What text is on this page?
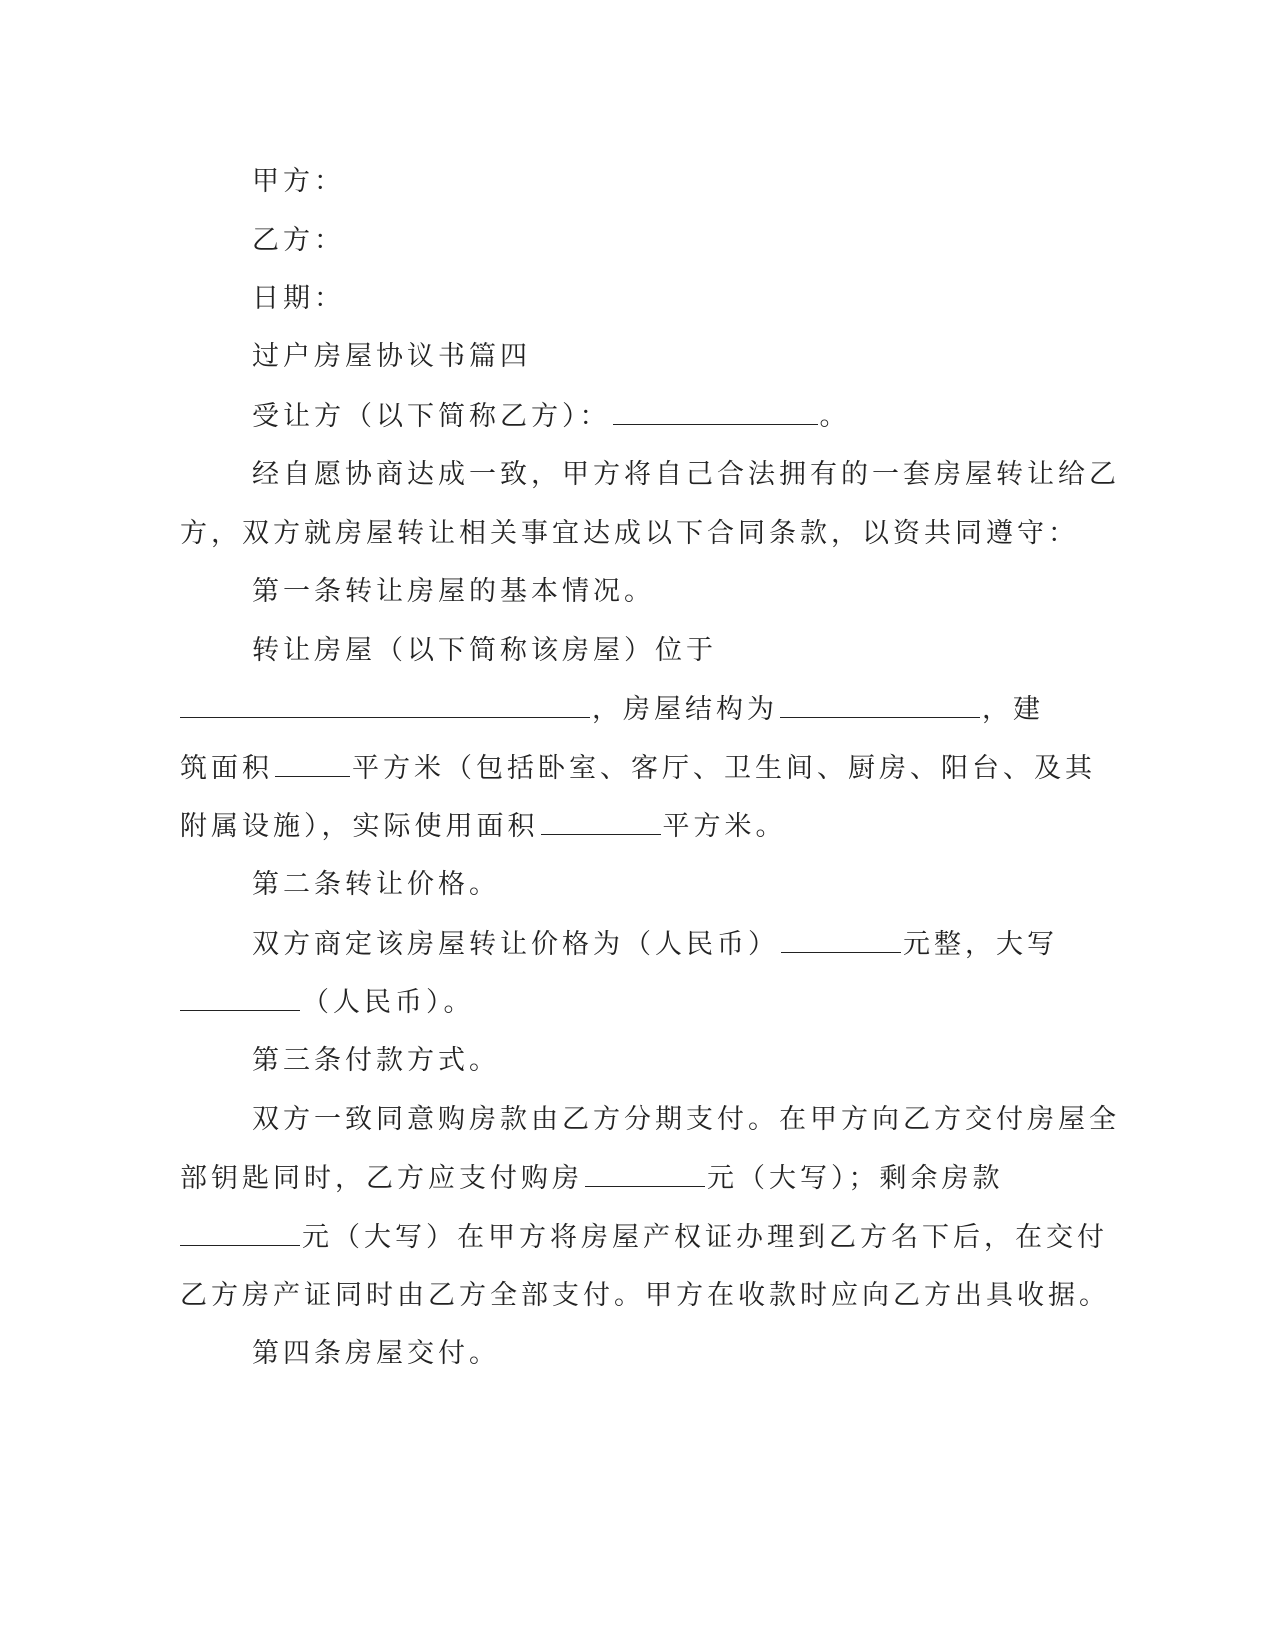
甲方：
乙方：
日期：
过户房屋协议书篇四
受让方（以下简称乙方）：	。
经自愿协商达成一致，甲方将自己合法拥有的一套房屋转让给乙
方，双方就房屋转让相关事宜达成以下合同条款，以资共同遵守：
第一条转让房屋的基本情况。
转让房屋（以下简称该房屋）位于
，房屋结构为	，建
筑面积	平方米（包括卧室、客厅、卫生间、厨房、阳台、及其
附属设施），实际使用面积	平方米。
第二条转让价格。
双方商定该房屋转让价格为（人民币）	元整，大写
（人民币）。
第三条付款方式。
双方一致同意购房款由乙方分期支付。在甲方向乙方交付房屋全
部钥匙同时，乙方应支付购房	元（大写）；剩余房款
元（大写）在甲方将房屋产权证办理到乙方名下后，在交付
乙方房产证同时由乙方全部支付。甲方在收款时应向乙方出具收据。
第四条房屋交付。
